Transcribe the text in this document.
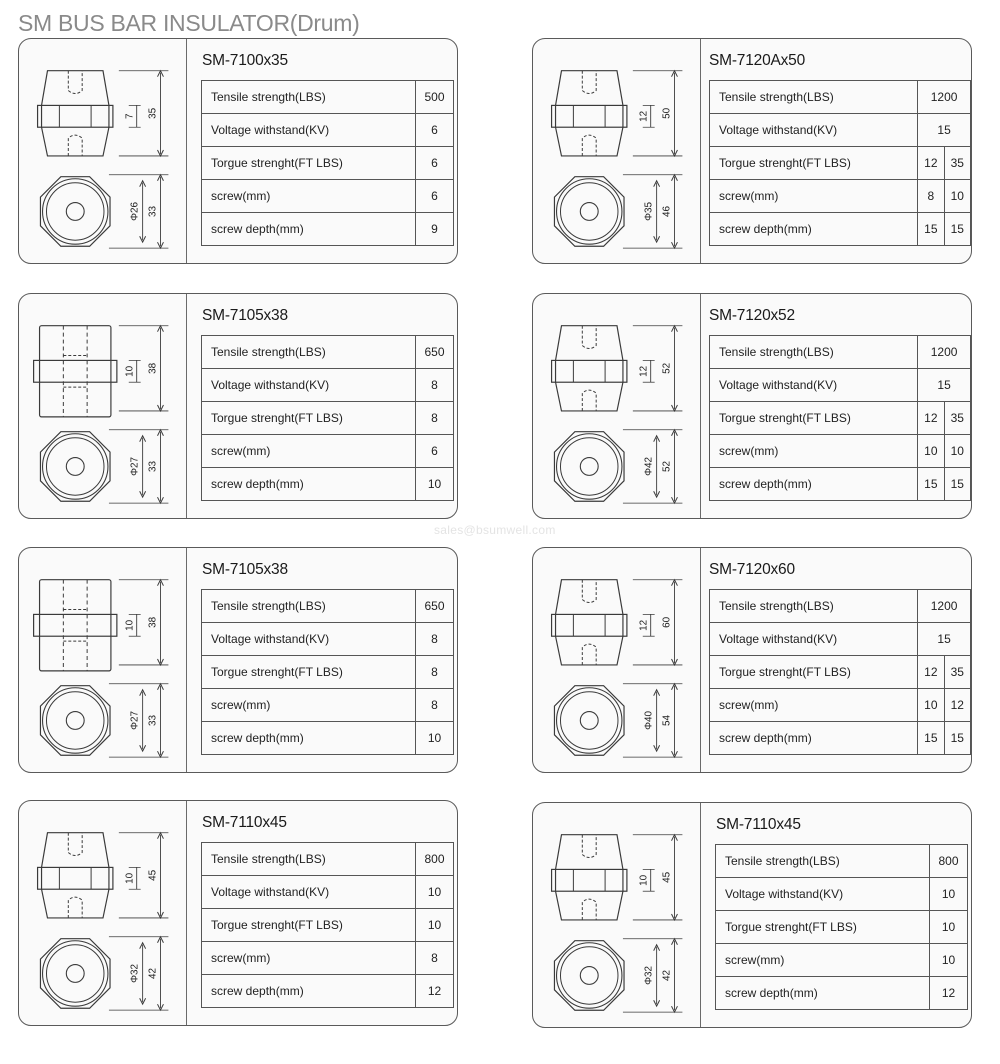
SM BUS BAR INSULATOR(Drum)
sales@bsumwell.com
35
7
33
Φ26
SM-7100x35
Tensile strength(LBS)	500
Voltage withstand(KV)	6
Torgue strenght(FT LBS)	6
screw(mm)	6
screw depth(mm)	9
50
12
46
Φ35
SM-7120Ax50
Tensile strength(LBS)	1200	
Voltage withstand(KV)	15	
Torgue strenght(FT LBS)	12	35
screw(mm)	8	10
screw depth(mm)	15	15
38
10
33
Φ27
SM-7105x38
Tensile strength(LBS)	650
Voltage withstand(KV)	8
Torgue strenght(FT LBS)	8
screw(mm)	6
screw depth(mm)	10
52
12
52
Φ42
SM-7120x52
Tensile strength(LBS)	1200	
Voltage withstand(KV)	15	
Torgue strenght(FT LBS)	12	35
screw(mm)	10	10
screw depth(mm)	15	15
38
10
33
Φ27
SM-7105x38
Tensile strength(LBS)	650
Voltage withstand(KV)	8
Torgue strenght(FT LBS)	8
screw(mm)	8
screw depth(mm)	10
60
12
54
Φ40
SM-7120x60
Tensile strength(LBS)	1200	
Voltage withstand(KV)	15	
Torgue strenght(FT LBS)	12	35
screw(mm)	10	12
screw depth(mm)	15	15
45
10
42
Φ32
SM-7110x45
Tensile strength(LBS)	800
Voltage withstand(KV)	10
Torgue strenght(FT LBS)	10
screw(mm)	8
screw depth(mm)	12
45
10
42
Φ32
SM-7110x45
Tensile strength(LBS)	800
Voltage withstand(KV)	10
Torgue strenght(FT LBS)	10
screw(mm)	10
screw depth(mm)	12
